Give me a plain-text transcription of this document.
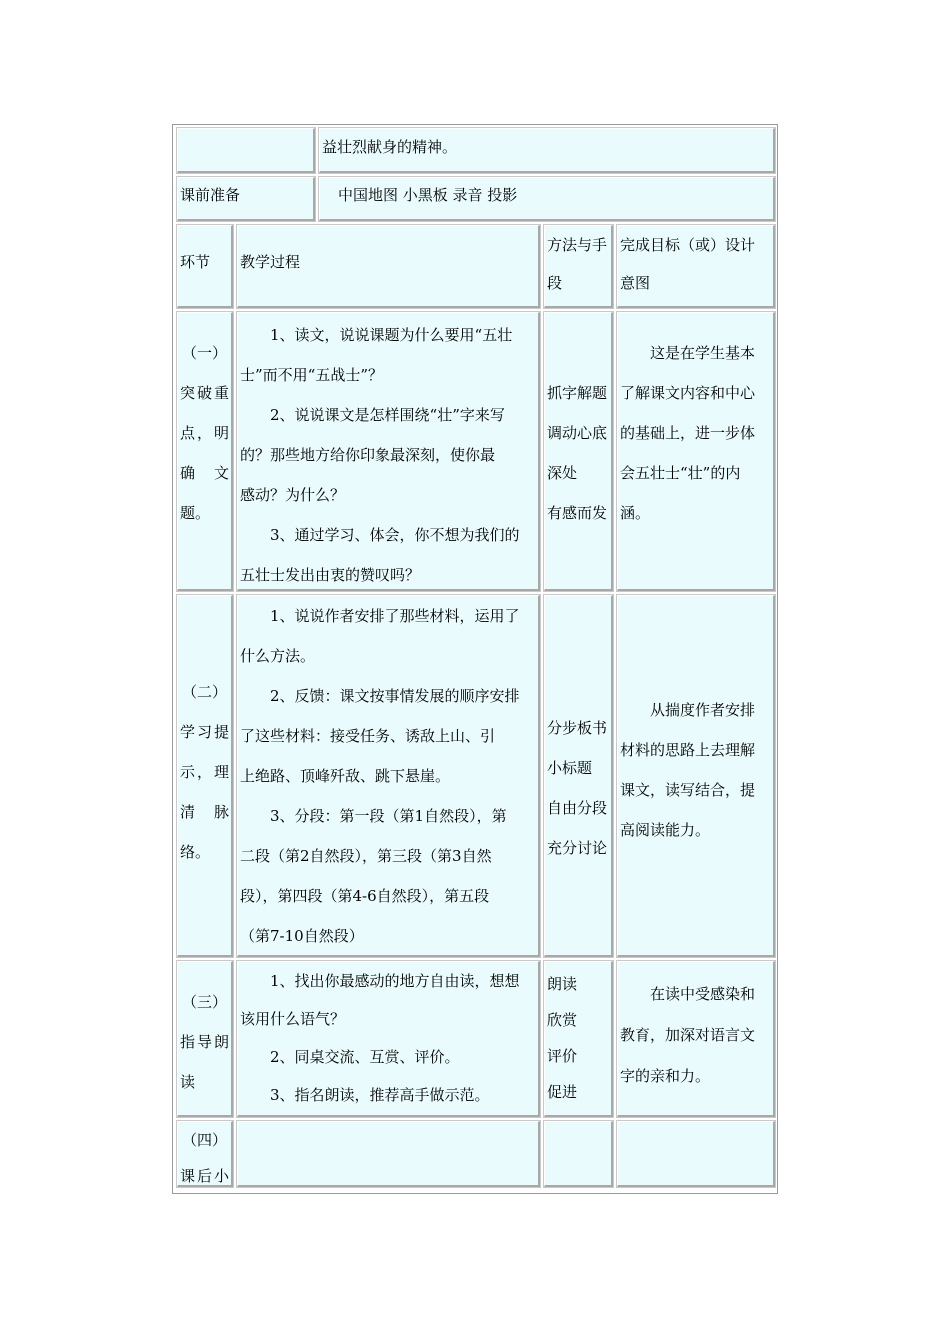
益壮烈献身的精神。

课前准备	中国地图 小黑板 录音 投影

环节	教学过程

方法与手

段

完成目标（或）设计

意图

（一）

突破重

点，明

确　文

题。

1、读文，说说课题为什么要用“五壮

士”而不用“五战士”？

2、说说课文是怎样围绕“壮”字来写

的？那些地方给你印象最深刻，使你最

感动？为什么？

3、通过学习、体会，你不想为我们的

五壮士发出由衷的赞叹吗？

抓字解题

调动心底

深处

有感而发

这是在学生基本

了解课文内容和中心

的基础上，进一步体

会五壮士“壮”的内

涵。

（二）

学习提

示，理

清　脉

络。

1、说说作者安排了那些材料，运用了

什么方法。

2、反馈：课文按事情发展的顺序安排

了这些材料：接受任务、诱敌上山、引

上绝路、顶峰歼敌、跳下悬崖。

3、分段：第一段（第1自然段），第

二段（第2自然段），第三段（第3自然

段），第四段（第4-6自然段），第五段

（第7-10自然段）

分步板书

小标题

自由分段

充分讨论

从揣度作者安排

材料的思路上去理解

课文，读写结合，提

高阅读能力。

（三）

指导朗

读

1、找出你最感动的地方自由读，想想

该用什么语气？

2、同桌交流、互赏、评价。

3、指名朗读，推荐高手做示范。

朗读

欣赏

评价

促进

在读中受感染和

教育，加深对语言文

字的亲和力。

（四）

课后小
